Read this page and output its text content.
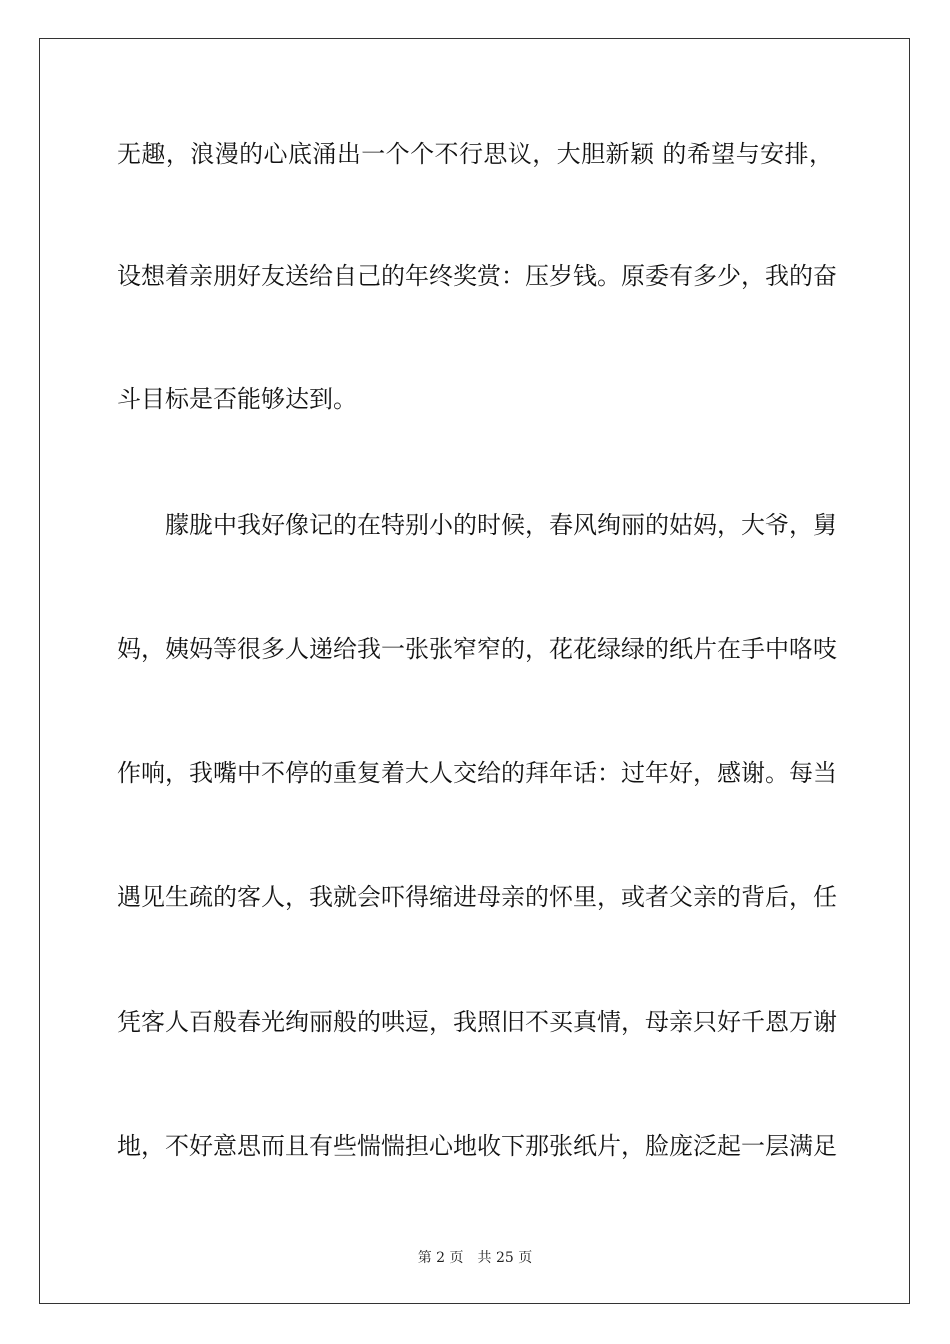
无趣，浪漫的心底涌出一个个不行思议，大胆新颖 的希望与安排，
设想着亲朋好友送给自己的年终奖赏：压岁钱。原委有多少，我的奋
斗目标是否能够达到。
朦胧中我好像记的在特别小的时候，春风绚丽的姑妈，大爷，舅
妈，姨妈等很多人递给我一张张窄窄的，花花绿绿的纸片在手中咯吱
作响，我嘴中不停的重复着大人交给的拜年话：过年好，感谢。每当
遇见生疏的客人，我就会吓得缩进母亲的怀里，或者父亲的背后，任
凭客人百般春光绚丽般的哄逗，我照旧不买真情，母亲只好千恩万谢
地，不好意思而且有些惴惴担心地收下那张纸片，脸庞泛起一层满足
第 2 页 共 25 页
